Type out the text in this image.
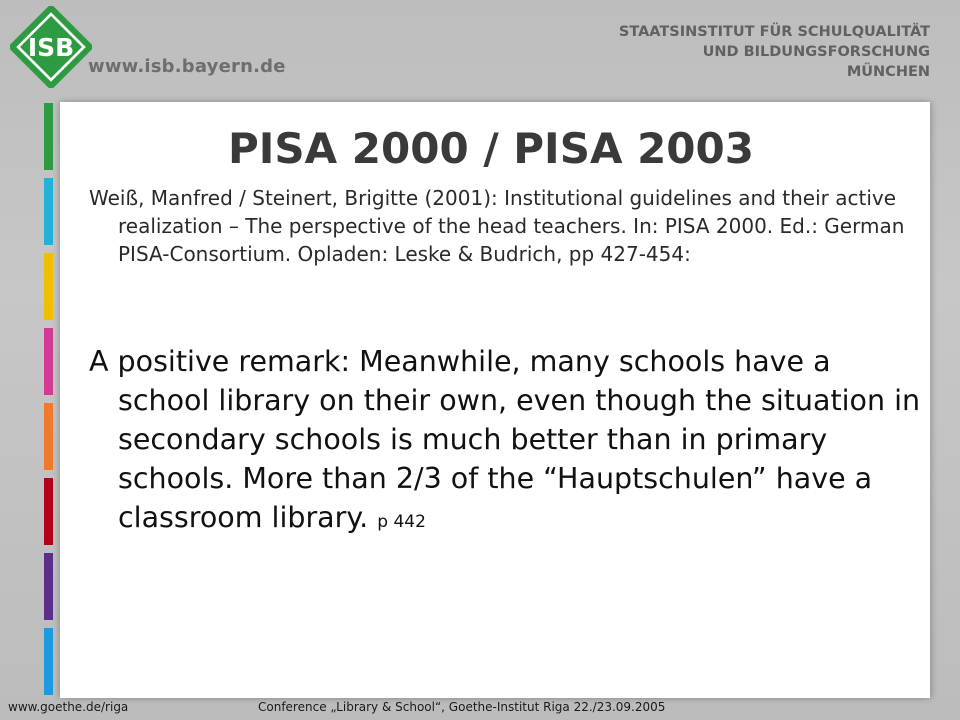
ISB
www.isb.bayern.de
STAATSINSTITUT FÜR SCHULQUALITÄT
UND BILDUNGSFORSCHUNG
MÜNCHEN
PISA 2000 / PISA 2003

Weiß, Manfred / Steinert, Brigitte (2001): Institutional guidelines and their active realization – The perspective of the head teachers. In: PISA 2000. Ed.: German PISA-Consortium. Opladen: Leske & Budrich, pp 427-454:

A positive remark: Meanwhile, many schools have a school library on their own, even though the situation in secondary schools is much better than in primary schools. More than 2/3 of the “Hauptschulen” have a classroom library. p 442

www.goethe.de/riga	Conference „Library & School“, Goethe-Institut Riga 22./23.09.2005
